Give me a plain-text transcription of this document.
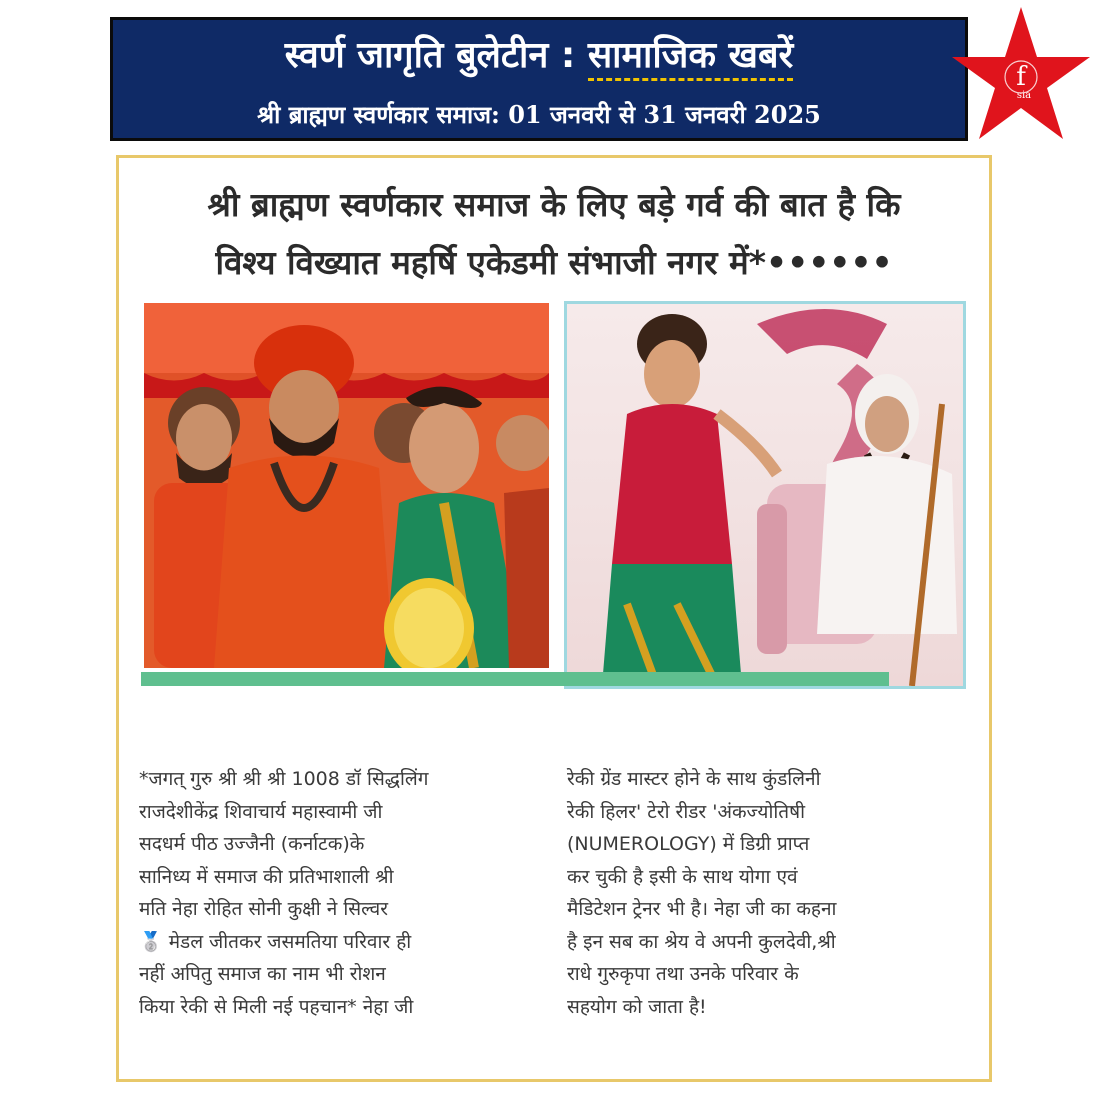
स्वर्ण जागृति बुलेटीन : सामाजिक खबरें
श्री ब्राह्मण स्वर्णकार समाज: 01 जनवरी से 31 जनवरी 2025
f
sia
श्री ब्राह्मण स्वर्णकार समाज के लिए बड़े गर्व की बात है कि
विश्य विख्यात महर्षि एकेडमी संभाजी नगर में*••••••
*जगत् गुरु श्री श्री श्री 1008 डॉ सिद्धलिंग
राजदेशीकेंद्र शिवाचार्य महास्वामी जी
सदधर्म पीठ उज्जैनी (कर्नाटक)के
सानिध्य में समाज की प्रतिभाशाली श्री
मति नेहा रोहित सोनी कुक्षी ने सिल्वर
🥈 मेडल जीतकर जसमतिया परिवार ही
नहीं अपितु समाज का नाम भी रोशन
किया रेकी से मिली नई पहचान* नेहा जी
रेकी ग्रेंड मास्टर होने के साथ कुंडलिनी
रेकी हिलर' टेरो रीडर 'अंकज्योतिषी
(NUMEROLOGY) में डिग्री प्राप्त
कर चुकी है इसी के साथ योगा एवं
मैडिटेशन ट्रेनर भी है। नेहा जी का कहना
है इन सब का श्रेय वे अपनी कुलदेवी,श्री
राधे गुरुकृपा तथा उनके परिवार के
सहयोग को जाता है!
